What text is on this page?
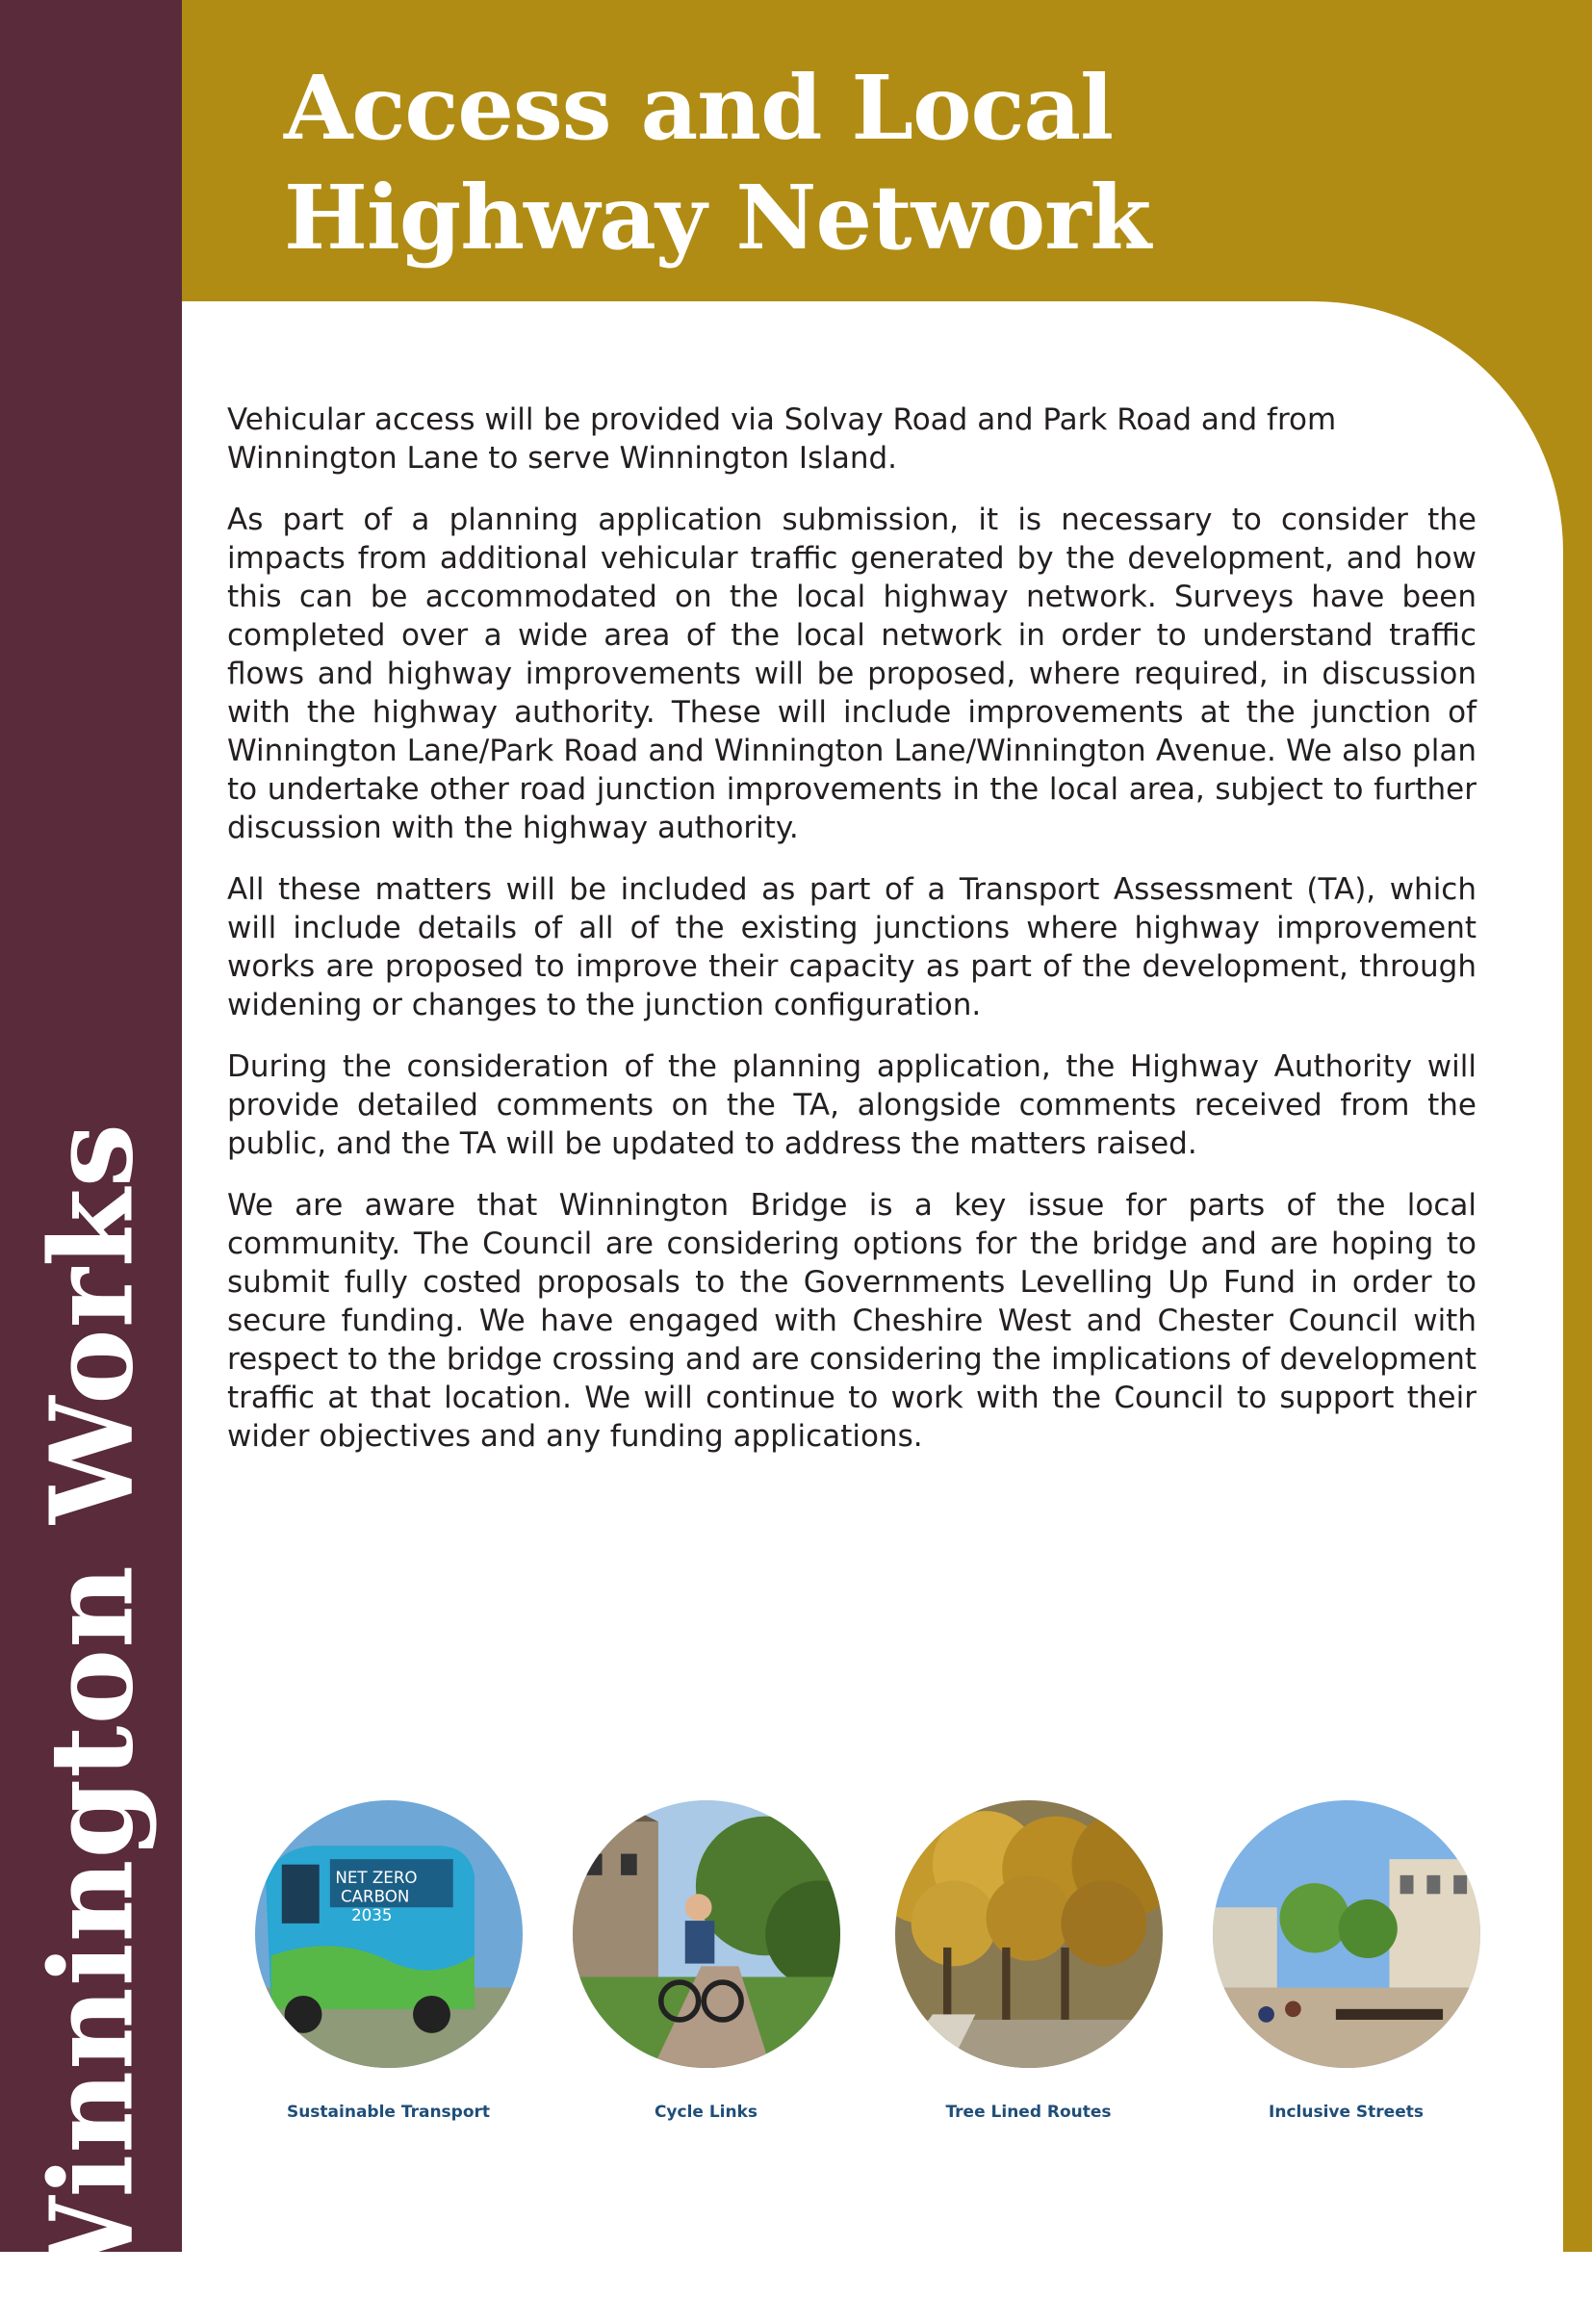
Winnington Works
Access and Local
Highway Network

Vehicular access will be provided via Solvay Road and Park Road and from Winnington Lane to serve Winnington Island.

As part of a planning application submission, it is necessary to consider the impacts from additional vehicular traffic generated by the development, and how this can be accommodated on the local highway network. Surveys have been completed over a wide area of the local network in order to understand traffic flows and highway improvements will be proposed, where required, in discussion with the highway authority. These will include improvements at the junction of Winnington Lane/Park Road and Winnington Lane/Winnington Avenue. We also plan to undertake other road junction improvements in the local area, subject to further discussion with the highway authority.

All these matters will be included as part of a Transport Assessment (TA), which will include details of all of the existing junctions where highway improvement works are proposed to improve their capacity as part of the development, through widening or changes to the junction configuration.

During the consideration of the planning application, the Highway Authority will provide detailed comments on the TA, alongside comments received from the public, and the TA will be updated to address the matters raised.

We are aware that Winnington Bridge is a key issue for parts of the local community. The Council are considering options for the bridge and are hoping to submit fully costed proposals to the Governments Levelling Up Fund in order to secure funding. We have engaged with Cheshire West and Chester Council with respect to the bridge crossing and are considering the implications of development traffic at that location. We will continue to work with the Council to support their wider objectives and any funding applications.

NET ZERO
CARBON
2035
Sustainable Transport	Cycle Links	Tree Lined Routes	Inclusive Streets
